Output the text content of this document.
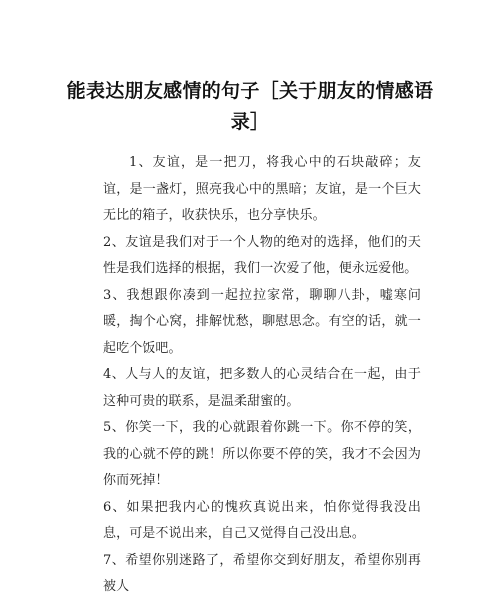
能表达朋友感情的句子［关于朋友的情感语录］

1、友谊，是一把刀，将我心中的石块敲碎；友谊，是一盏灯，照亮我心中的黑暗；友谊，是一个巨大无比的箱子，收获快乐，也分享快乐。

2、友谊是我们对于一个人物的绝对的选择，他们的天性是我们选择的根据，我们一次爱了他，便永远爱他。

3、我想跟你凑到一起拉拉家常，聊聊八卦，嘘寒问暖，掏个心窝，排解忧愁，聊慰思念。有空的话，就一起吃个饭吧。

4、人与人的友谊，把多数人的心灵结合在一起，由于这种可贵的联系，是温柔甜蜜的。

5、你笑一下，我的心就跟着你跳一下。你不停的笑，我的心就不停的跳！所以你要不停的笑，我才不会因为你而死掉！

6、如果把我内心的愧疚真说出来，怕你觉得我没出息，可是不说出来，自己又觉得自己没出息。

7、希望你别迷路了，希望你交到好朋友，希望你别再被人
